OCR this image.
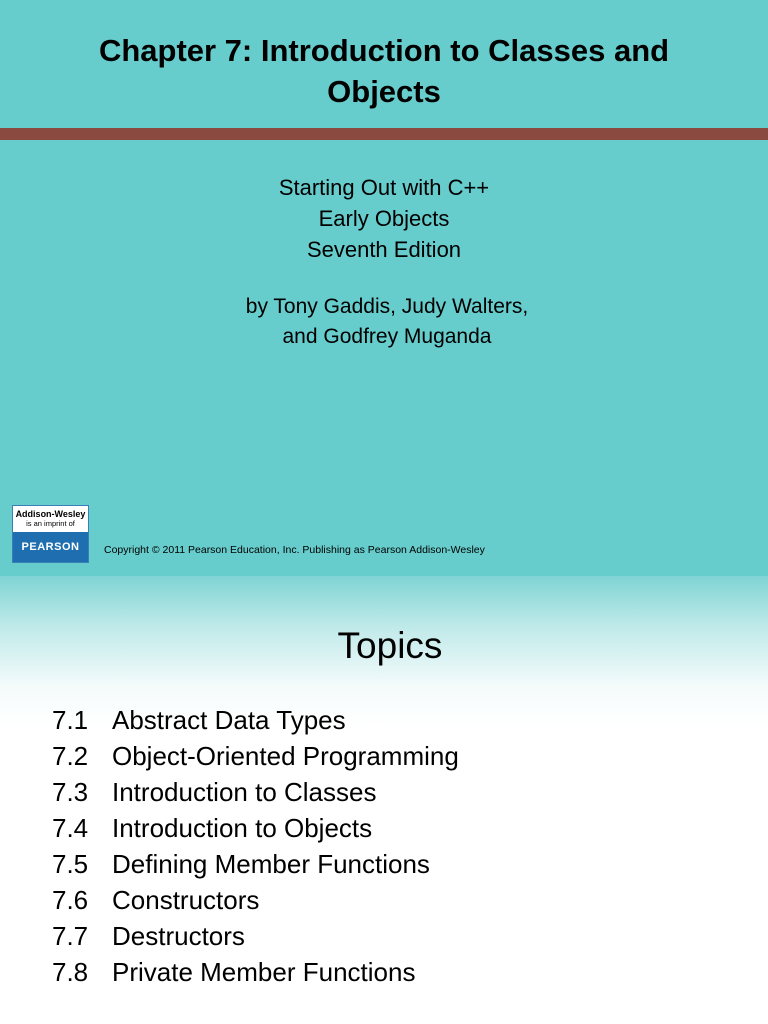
Chapter 7: Introduction to Classes and
Objects
Starting Out with C++
Early Objects
Seventh Edition
by Tony Gaddis, Judy Walters,
and Godfrey Muganda
Addison-Wesley
is an imprint of
PEARSON	Copyright © 2011 Pearson Education, Inc. Publishing as Pearson Addison-Wesley
Topics
7.1 Abstract Data Types
7.2 Object-Oriented Programming
7.3 Introduction to Classes
7.4 Introduction to Objects
7.5 Defining Member Functions
7.6 Constructors
7.7 Destructors
7.8 Private Member Functions
